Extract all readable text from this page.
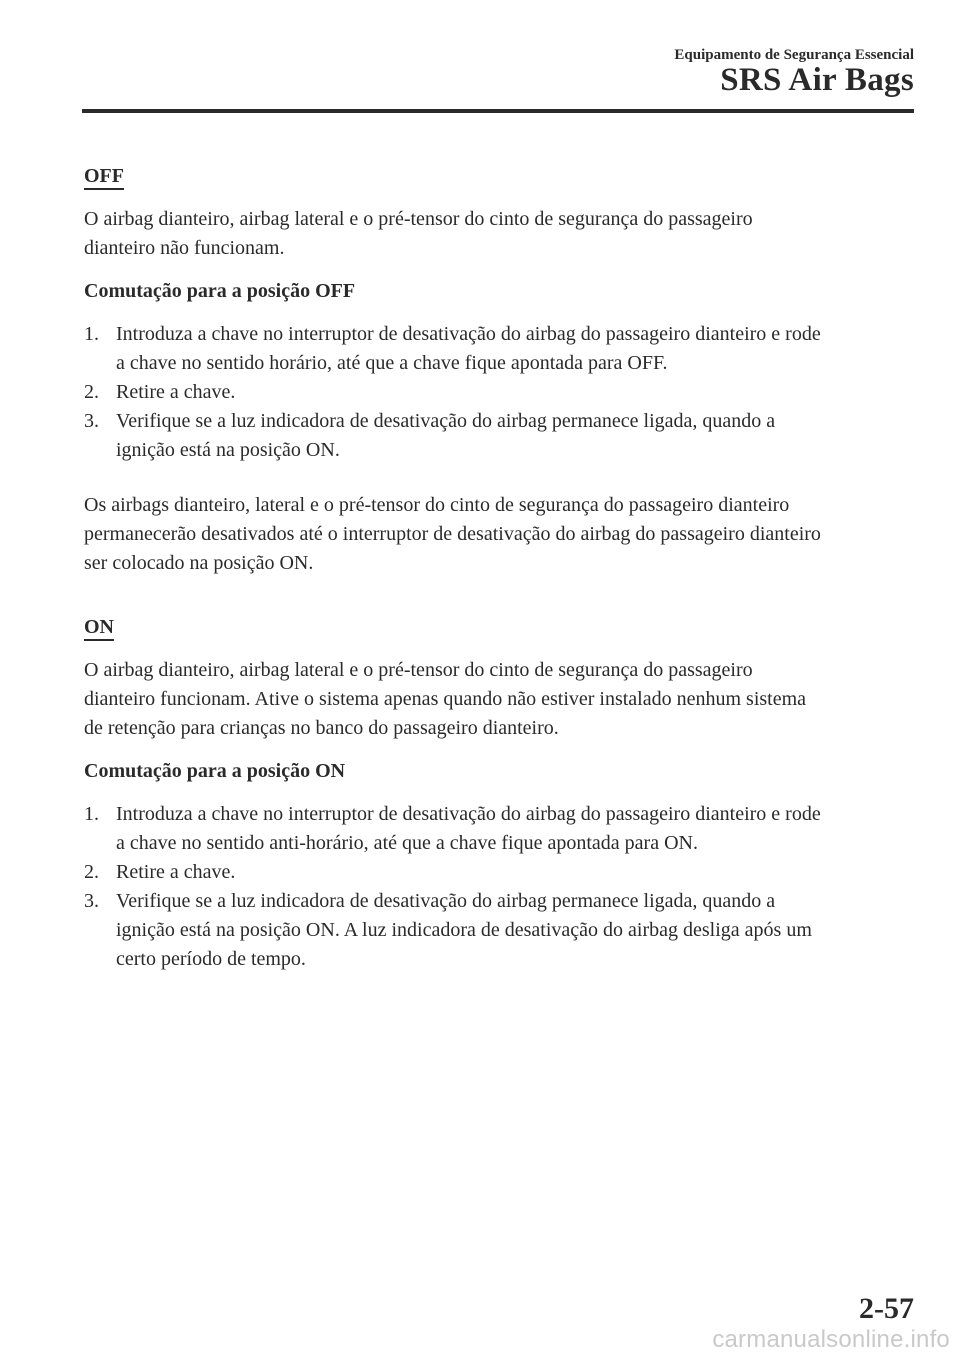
Equipamento de Segurança Essencial
SRS Air Bags
OFF

O airbag dianteiro, airbag lateral e o pré-tensor do cinto de segurança do passageiro
dianteiro não funcionam.

Comutação para a posição OFF

1. Introduza a chave no interruptor de desativação do airbag do passageiro dianteiro e rode
a chave no sentido horário, até que a chave fique apontada para OFF.
2. Retire a chave.
3. Verifique se a luz indicadora de desativação do airbag permanece ligada, quando a
ignição está na posição ON.

Os airbags dianteiro, lateral e o pré-tensor do cinto de segurança do passageiro dianteiro
permanecerão desativados até o interruptor de desativação do airbag do passageiro dianteiro
ser colocado na posição ON.

ON

O airbag dianteiro, airbag lateral e o pré-tensor do cinto de segurança do passageiro
dianteiro funcionam. Ative o sistema apenas quando não estiver instalado nenhum sistema
de retenção para crianças no banco do passageiro dianteiro.

Comutação para a posição ON

1. Introduza a chave no interruptor de desativação do airbag do passageiro dianteiro e rode
a chave no sentido anti-horário, até que a chave fique apontada para ON.
2. Retire a chave.
3. Verifique se a luz indicadora de desativação do airbag permanece ligada, quando a
ignição está na posição ON. A luz indicadora de desativação do airbag desliga após um
certo período de tempo.
2-57
carmanualsonline.info
